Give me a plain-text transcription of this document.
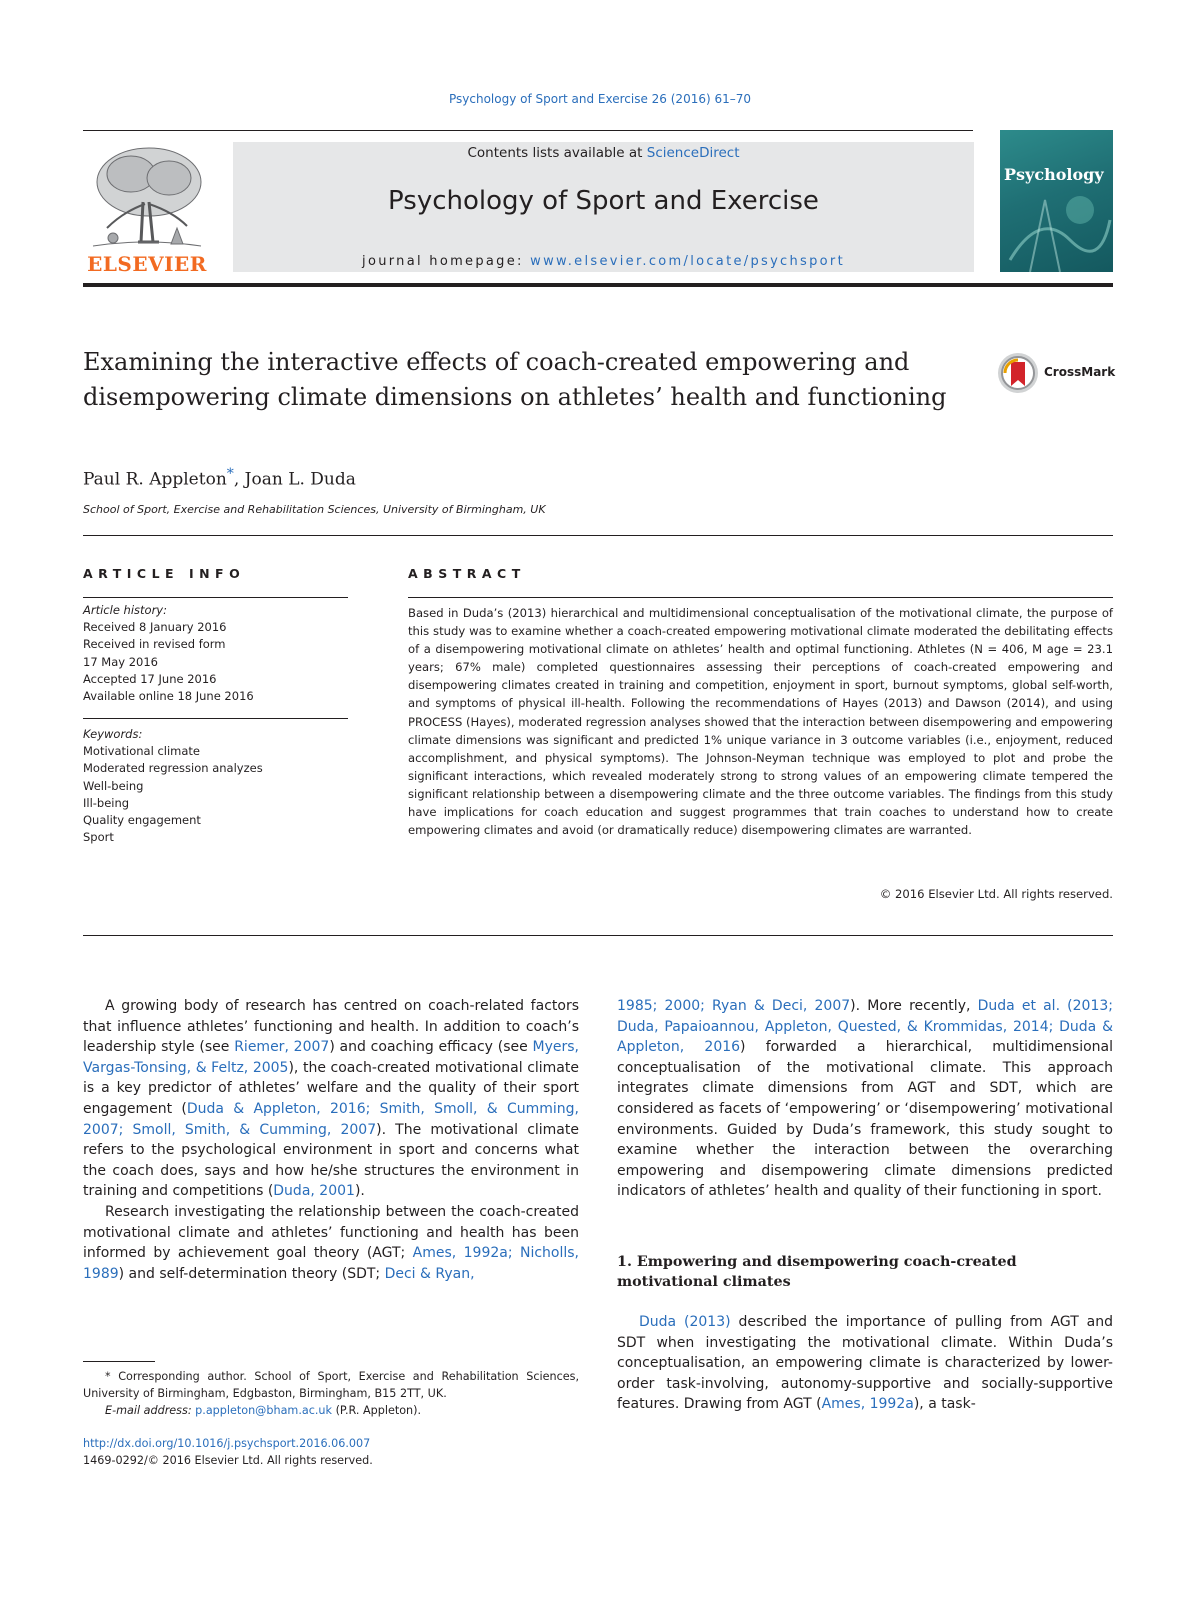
Psychology of Sport and Exercise 26 (2016) 61–70
ELSEVIER
Contents lists available at ScienceDirect
Psychology of Sport and Exercise
journal homepage: www.elsevier.com/locate/psychsport
Psychology
Examining the interactive effects of coach-created empowering and disempowering climate dimensions on athletes’ health and functioning
CrossMark
Paul R. Appleton*, Joan L. Duda
School of Sport, Exercise and Rehabilitation Sciences, University of Birmingham, UK
ARTICLE INFO
Article history:
Received 8 January 2016
Received in revised form
17 May 2016
Accepted 17 June 2016
Available online 18 June 2016
Keywords:
Motivational climate
Moderated regression analyzes
Well-being
Ill-being
Quality engagement
Sport
ABSTRACT
Based in Duda’s (2013) hierarchical and multidimensional conceptualisation of the motivational climate, the purpose of this study was to examine whether a coach-created empowering motivational climate moderated the debilitating effects of a disempowering motivational climate on athletes’ health and optimal functioning. Athletes (N = 406, M age = 23.1 years; 67% male) completed questionnaires assessing their perceptions of coach-created empowering and disempowering climates created in training and competition, enjoyment in sport, burnout symptoms, global self-worth, and symptoms of physical ill-health. Following the recommendations of Hayes (2013) and Dawson (2014), and using PROCESS (Hayes), moderated regression analyses showed that the interaction between disempowering and empowering climate dimensions was significant and predicted 1% unique variance in 3 outcome variables (i.e., enjoyment, reduced accomplishment, and physical symptoms). The Johnson-Neyman technique was employed to plot and probe the significant interactions, which revealed moderately strong to strong values of an empowering climate tempered the significant relationship between a disempowering climate and the three outcome variables. The findings from this study have implications for coach education and suggest programmes that train coaches to understand how to create empowering climates and avoid (or dramatically reduce) disempowering climates are warranted.
© 2016 Elsevier Ltd. All rights reserved.

A growing body of research has centred on coach-related factors that influence athletes’ functioning and health. In addition to coach’s leadership style (see Riemer, 2007) and coaching efficacy (see Myers, Vargas-Tonsing, & Feltz, 2005), the coach-created motivational climate is a key predictor of athletes’ welfare and the quality of their sport engagement (Duda & Appleton, 2016; Smith, Smoll, & Cumming, 2007; Smoll, Smith, & Cumming, 2007). The motivational climate refers to the psychological environment in sport and concerns what the coach does, says and how he/she structures the environment in training and competitions (Duda, 2001).

Research investigating the relationship between the coach-created motivational climate and athletes’ functioning and health has been informed by achievement goal theory (AGT; Ames, 1992a; Nicholls, 1989) and self-determination theory (SDT; Deci & Ryan,

1985; 2000; Ryan & Deci, 2007). More recently, Duda et al. (2013; Duda, Papaioannou, Appleton, Quested, & Krommidas, 2014; Duda & Appleton, 2016) forwarded a hierarchical, multidimensional conceptualisation of the motivational climate. This approach integrates climate dimensions from AGT and SDT, which are considered as facets of ‘empowering’ or ‘disempowering’ motivational environments. Guided by Duda’s framework, this study sought to examine whether the interaction between the overarching empowering and disempowering climate dimensions predicted indicators of athletes’ health and quality of their functioning in sport.

1. Empowering and disempowering coach-created motivational climates

Duda (2013) described the importance of pulling from AGT and SDT when investigating the motivational climate. Within Duda’s conceptualisation, an empowering climate is characterized by lower-order task-involving, autonomy-supportive and socially-supportive features. Drawing from AGT (Ames, 1992a), a task-

* Corresponding author. School of Sport, Exercise and Rehabilitation Sciences, University of Birmingham, Edgbaston, Birmingham, B15 2TT, UK.
E-mail address: p.appleton@bham.ac.uk (P.R. Appleton).
http://dx.doi.org/10.1016/j.psychsport.2016.06.007
1469-0292/© 2016 Elsevier Ltd. All rights reserved.
